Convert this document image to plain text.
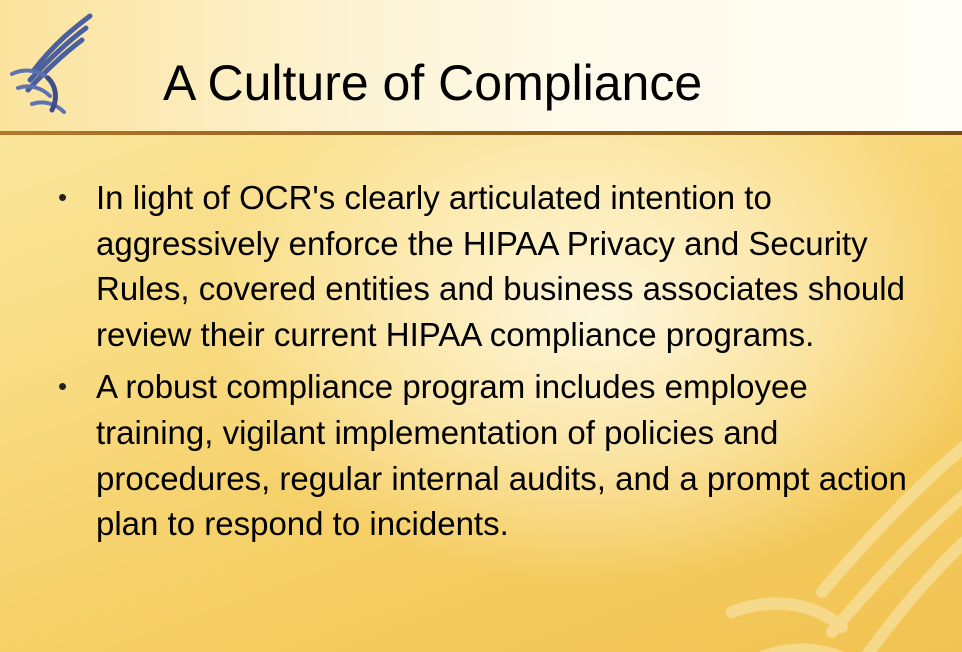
A Culture of Compliance
• In light of OCR's clearly articulated intention to aggressively enforce the HIPAA Privacy and Security Rules, covered entities and business associates should review their current HIPAA compliance programs.
• A robust compliance program includes employee training, vigilant implementation of policies and procedures, regular internal audits, and a prompt action plan to respond to incidents.
